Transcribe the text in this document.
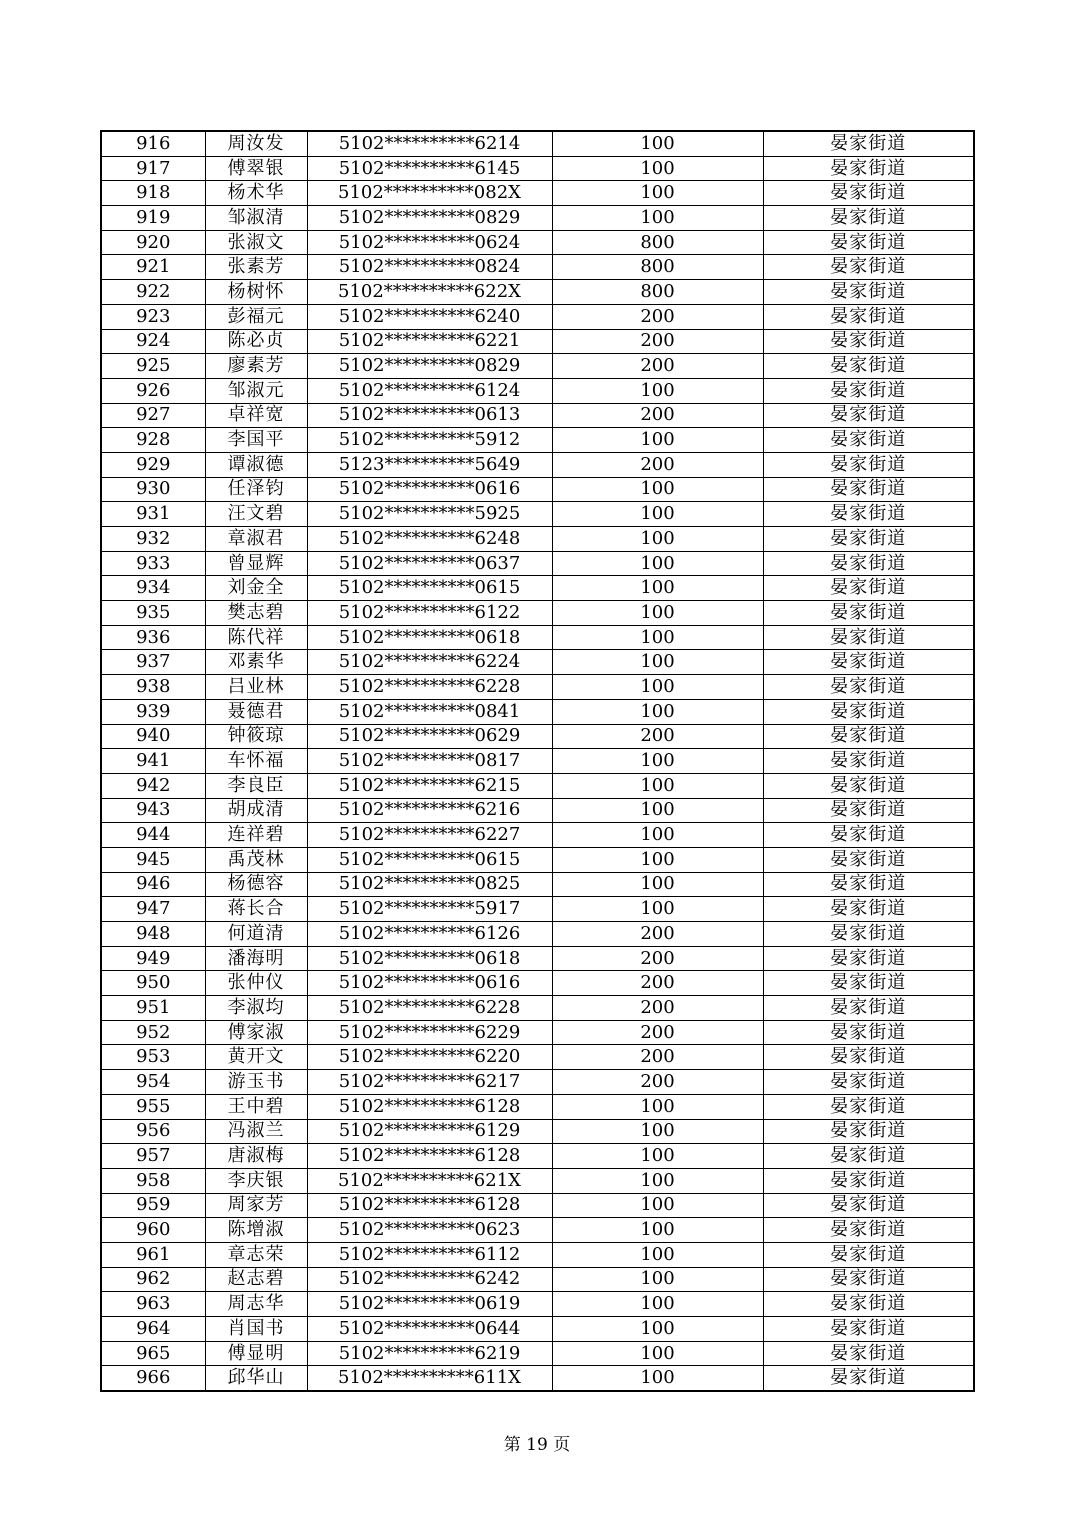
916	周汝发	5102**********6214	100	晏家街道
917	傅翠银	5102**********6145	100	晏家街道
918	杨术华	5102**********082X	100	晏家街道
919	邹淑清	5102**********0829	100	晏家街道
920	张淑文	5102**********0624	800	晏家街道
921	张素芳	5102**********0824	800	晏家街道
922	杨树怀	5102**********622X	800	晏家街道
923	彭福元	5102**********6240	200	晏家街道
924	陈必贞	5102**********6221	200	晏家街道
925	廖素芳	5102**********0829	200	晏家街道
926	邹淑元	5102**********6124	100	晏家街道
927	卓祥宽	5102**********0613	200	晏家街道
928	李国平	5102**********5912	100	晏家街道
929	谭淑德	5123**********5649	200	晏家街道
930	任泽钧	5102**********0616	100	晏家街道
931	汪文碧	5102**********5925	100	晏家街道
932	章淑君	5102**********6248	100	晏家街道
933	曾显辉	5102**********0637	100	晏家街道
934	刘金全	5102**********0615	100	晏家街道
935	樊志碧	5102**********6122	100	晏家街道
936	陈代祥	5102**********0618	100	晏家街道
937	邓素华	5102**********6224	100	晏家街道
938	吕业林	5102**********6228	100	晏家街道
939	聂德君	5102**********0841	100	晏家街道
940	钟筱琼	5102**********0629	200	晏家街道
941	车怀福	5102**********0817	100	晏家街道
942	李良臣	5102**********6215	100	晏家街道
943	胡成清	5102**********6216	100	晏家街道
944	连祥碧	5102**********6227	100	晏家街道
945	禹茂林	5102**********0615	100	晏家街道
946	杨德容	5102**********0825	100	晏家街道
947	蒋长合	5102**********5917	100	晏家街道
948	何道清	5102**********6126	200	晏家街道
949	潘海明	5102**********0618	200	晏家街道
950	张仲仪	5102**********0616	200	晏家街道
951	李淑均	5102**********6228	200	晏家街道
952	傅家淑	5102**********6229	200	晏家街道
953	黄开文	5102**********6220	200	晏家街道
954	游玉书	5102**********6217	200	晏家街道
955	王中碧	5102**********6128	100	晏家街道
956	冯淑兰	5102**********6129	100	晏家街道
957	唐淑梅	5102**********6128	100	晏家街道
958	李庆银	5102**********621X	100	晏家街道
959	周家芳	5102**********6128	100	晏家街道
960	陈增淑	5102**********0623	100	晏家街道
961	章志荣	5102**********6112	100	晏家街道
962	赵志碧	5102**********6242	100	晏家街道
963	周志华	5102**********0619	100	晏家街道
964	肖国书	5102**********0644	100	晏家街道
965	傅显明	5102**********6219	100	晏家街道
966	邱华山	5102**********611X	100	晏家街道
第 19 页
